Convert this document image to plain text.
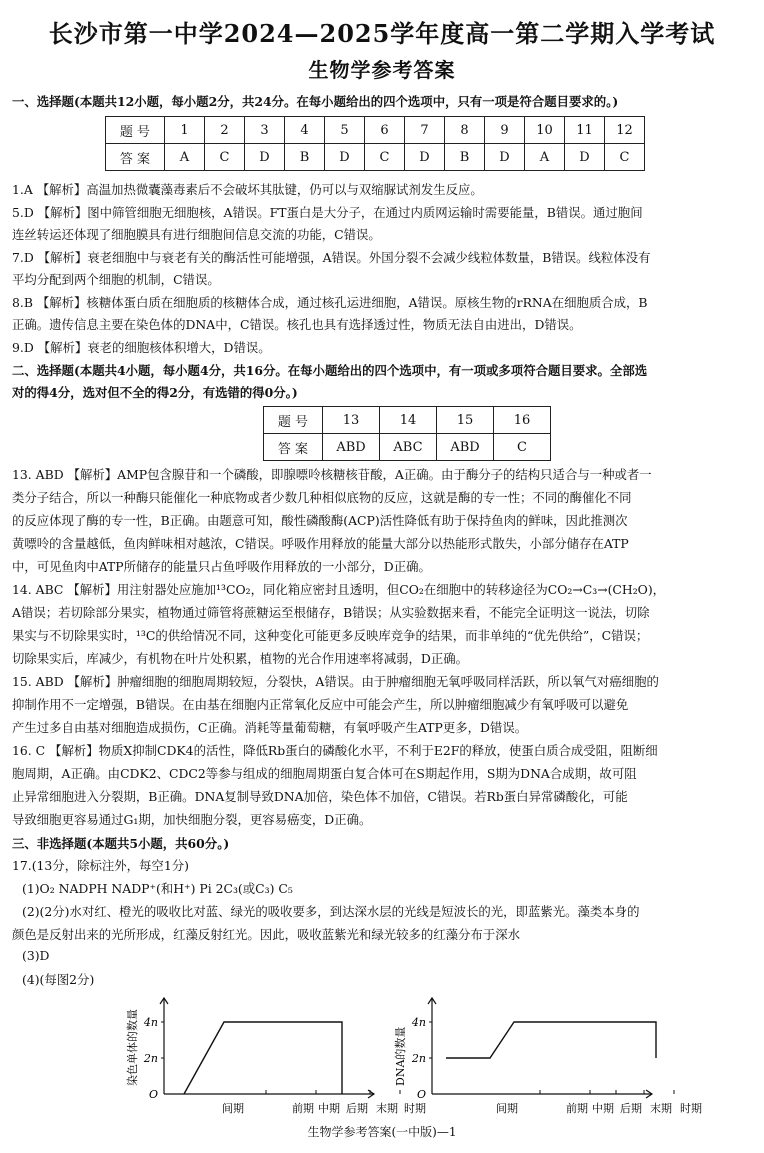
长沙市第一中学2024—2025学年度高一第二学期入学考试
生物学参考答案
一、选择题(本题共12小题，每小题2分，共24分。在每小题给出的四个选项中，只有一项是符合题目要求的。)
题 号	1	2	3	4	5	6	7	8	9	10	11	12
答 案	A	C	D	B	D	C	D	B	D	A	D	C
1.A 【解析】高温加热微囊藻毒素后不会破坏其肽键，仍可以与双缩脲试剂发生反应。
5.D 【解析】图中筛管细胞无细胞核，A错误。FT蛋白是大分子，在通过内质网运输时需要能量，B错误。通过胞间
连丝转运还体现了细胞膜具有进行细胞间信息交流的功能，C错误。
7.D 【解析】衰老细胞中与衰老有关的酶活性可能增强，A错误。外国分裂不会减少线粒体数量，B错误。线粒体没有
平均分配到两个细胞的机制，C错误。
8.B 【解析】核糖体蛋白质在细胞质的核糖体合成，通过核孔运进细胞，A错误。原核生物的rRNA在细胞质合成，B
正确。遗传信息主要在染色体的DNA中，C错误。核孔也具有选择透过性，物质无法自由进出，D错误。
9.D 【解析】衰老的细胞核体积增大，D错误。
二、选择题(本题共4小题，每小题4分，共16分。在每小题给出的四个选项中，有一项或多项符合题目要求。全部选
对的得4分，选对但不全的得2分，有选错的得0分。)
题 号	13	14	15	16
答 案	ABD	ABC	ABD	C
13. ABD 【解析】AMP包含腺苷和一个磷酸，即腺嘌呤核糖核苷酸，A正确。由于酶分子的结构只适合与一种或者一
类分子结合，所以一种酶只能催化一种底物或者少数几种相似底物的反应，这就是酶的专一性；不同的酶催化不同
的反应体现了酶的专一性，B正确。由题意可知，酸性磷酸酶(ACP)活性降低有助于保持鱼肉的鲜味，因此推测次
黄嘌呤的含量越低，鱼肉鲜味相对越浓，C错误。呼吸作用释放的能量大部分以热能形式散失，小部分储存在ATP
中，可见鱼肉中ATP所储存的能量只占鱼呼吸作用释放的一小部分，D正确。
14. ABC 【解析】用注射器处应施加¹³CO₂，同化箱应密封且透明，但CO₂在细胞中的转移途径为CO₂→C₃→(CH₂O)，
A错误；若切除部分果实，植物通过筛管将蔗糖运至根储存，B错误；从实验数据来看，不能完全证明这一说法，切除
果实与不切除果实时，¹³C的供给情况不同，这种变化可能更多反映库竞争的结果，而非单纯的“优先供给”，C错误；
切除果实后，库减少，有机物在叶片处积累，植物的光合作用速率将减弱，D正确。
15. ABD 【解析】肿瘤细胞的细胞周期较短，分裂快，A错误。由于肿瘤细胞无氧呼吸同样活跃，所以氧气对癌细胞的
抑制作用不一定增强，B错误。在由基在细胞内正常氧化反应中可能会产生，所以肿瘤细胞减少有氧呼吸可以避免
产生过多自由基对细胞造成损伤，C正确。消耗等量葡萄糖，有氧呼吸产生ATP更多，D错误。
16. C 【解析】物质X抑制CDK4的活性，降低Rb蛋白的磷酸化水平，不利于E2F的释放，使蛋白质合成受阻，阻断细
胞周期，A正确。由CDK2、CDC2等参与组成的细胞周期蛋白复合体可在S期起作用，S期为DNA合成期，故可阻
止异常细胞进入分裂期，B正确。DNA复制导致DNA加倍，染色体不加倍，C错误。若Rb蛋白异常磷酸化，可能
导致细胞更容易通过G₁期，加快细胞分裂，更容易癌变，D正确。
三、非选择题(本题共5小题，共60分。)
17.(13分，除标注外，每空1分)
(1)O₂ NADPH NADP⁺(和H⁺) Pi 2C₃(或C₃) C₅
(2)(2分)水对红、橙光的吸收比对蓝、绿光的吸收要多，到达深水层的光线是短波长的光，即蓝紫光。藻类本身的
颜色是反射出来的光所形成，红藻反射红光。因此，吸收蓝紫光和绿光较多的红藻分布于深水
(3)D
(4)(每图2分)
染色单体的数量 4n
2n
O
间期	前期 中期 后期 末期 时期
DNA的数量
4n
2n
O
间期	前期 中期 后期 末期 时期
生物学参考答案(一中版)—1
